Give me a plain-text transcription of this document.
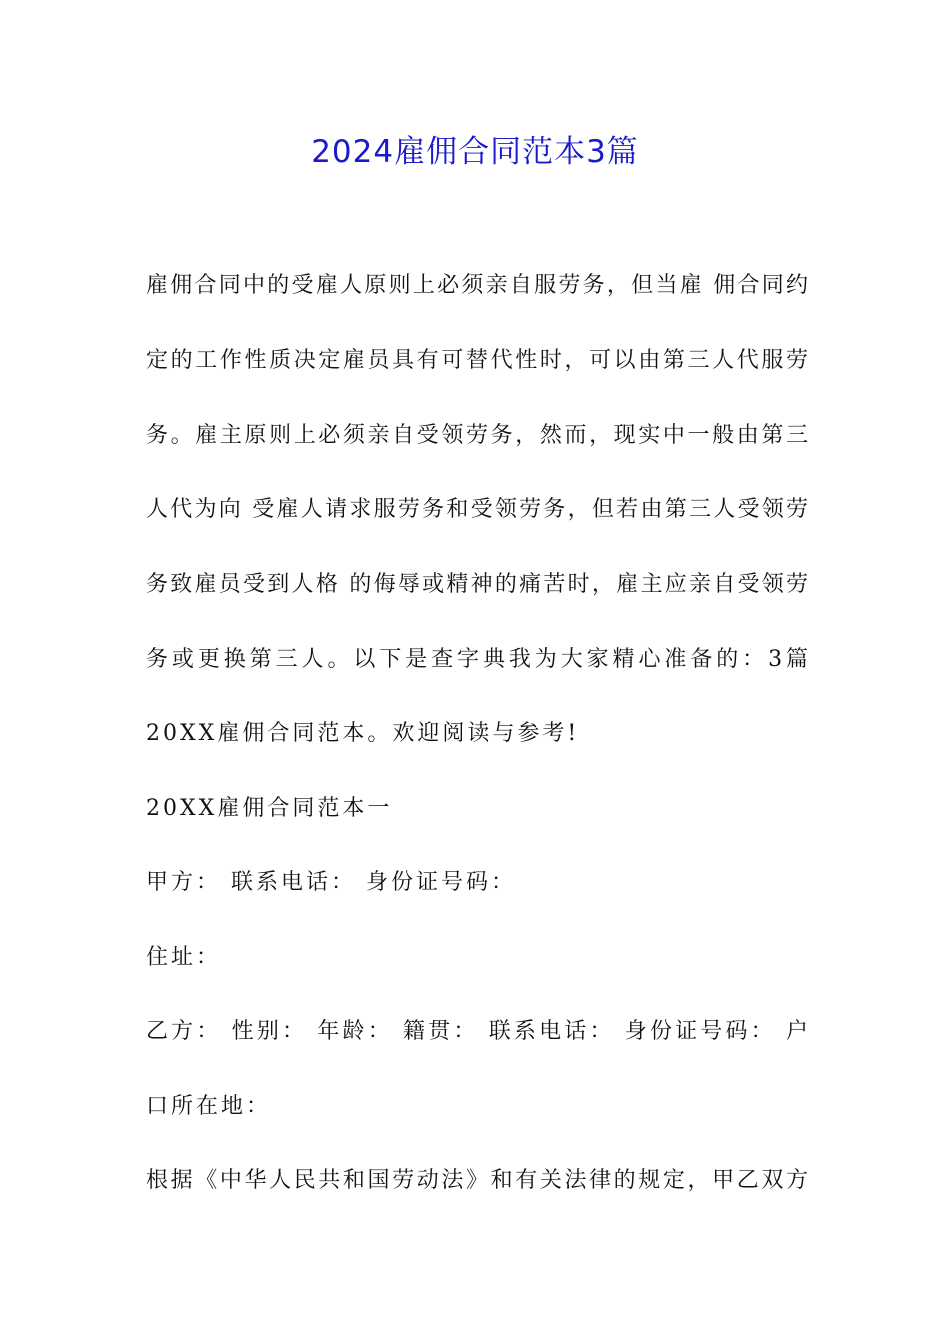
2024雇佣合同范本3篇
雇佣合同中的受雇人原则上必须亲自服劳务，但当雇 佣合同约
定的工作性质决定雇员具有可替代性时，可以由第三人代服劳
务。雇主原则上必须亲自受领劳务，然而，现实中一般由第三
人代为向 受雇人请求服劳务和受领劳务，但若由第三人受领劳
务致雇员受到人格 的侮辱或精神的痛苦时，雇主应亲自受领劳
务或更换第三人。以下是查字典我为大家精心准备的：3篇
20XX雇佣合同范本。欢迎阅读与参考!
20XX雇佣合同范本一
甲方： 联系电话： 身份证号码：
住址：
乙方： 性别： 年龄： 籍贯： 联系电话： 身份证号码： 户
口所在地：
根据《中华人民共和国劳动法》和有关法律的规定，甲乙双方
